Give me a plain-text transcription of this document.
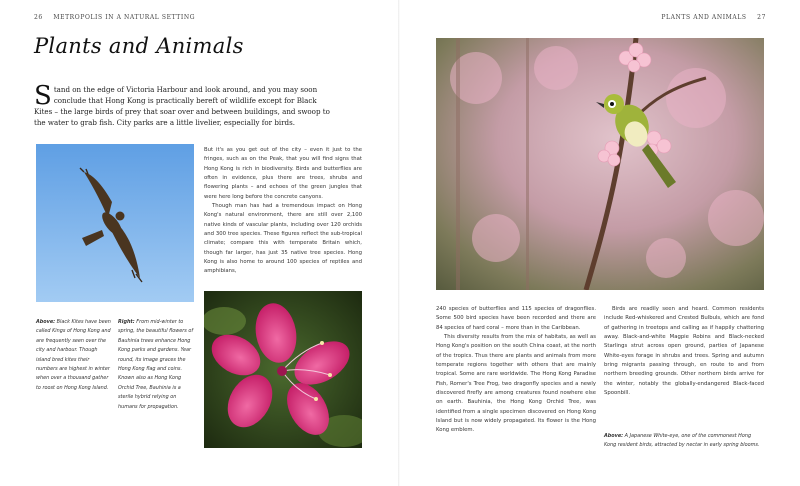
26 METROPOLIS IN A NATURAL SETTING
Plants and Animals
S tand on the edge of Victoria Harbour and look around, and you may soon conclude that Hong Kong is practically bereft of wildlife except for Black Kites – the large birds of prey that soar over and between buildings, and swoop to the water to grab fish. City parks are a little livelier, especially for birds.

But it's as you get out of the city – even it just to the fringes, such as on the Peak, that you will find signs that Hong Kong is rich in biodiversity. Birds and butterflies are often in evidence, plus there are trees, shrubs and flowering plants – and echoes of the green jungles that were here long before the concrete canyons.

Though man has had a tremendous impact on Hong Kong's natural environment, there are still over 2,100 native kinds of vascular plants, including over 120 orchids and 300 tree species. These figures reflect the sub-tropical climate; compare this with temperate Britain which, though far larger, has just 35 native tree species. Hong Kong is also home to around 100 species of reptiles and amphibians,

Above: Black Kites have been called Kings of Hong Kong and are frequently seen over the city and harbour. Though island bred kites their numbers are highest in winter when over a thousand gather to roost on Hong Kong Island.
Right: From mid-winter to spring, the beautiful flowers of Bauhinia trees enhance Hong Kong parks and gardens. Year round, its image graces the Hong Kong flag and coins. Known also as Hong Kong Orchid Tree, Bauhinia is a sterile hybrid relying on humans for propagation.
PLANTS AND ANIMALS 27

240 species of butterflies and 115 species of dragonflies. Some 500 bird species have been recorded and there are 84 species of hard coral – more than in the Caribbean.

This diversity results from the mix of habitats, as well as Hong Kong's position on the south China coast, at the north of the tropics. Thus there are plants and animals from more temperate regions together with others that are mainly tropical. Some are rare worldwide. The Hong Kong Paradise Fish, Romer's Tree Frog, two dragonfly species and a newly discovered firefly are among creatures found nowhere else on earth. Bauhinia, the Hong Kong Orchid Tree, was identified from a single specimen discovered on Hong Kong Island but is now widely propagated. Its flower is the Hong Kong emblem.

Birds are readily seen and heard. Common residents include Red-whiskered and Crested Bulbuls, which are fond of gathering in treetops and calling as if happily chattering away. Black-and-white Magpie Robins and Black-necked Starlings strut across open ground, parties of Japanese White-eyes forage in shrubs and trees. Spring and autumn bring migrants passing through, en route to and from northern breeding grounds. Other northern birds arrive for the winter, notably the globally-endangered Black-faced Spoonbill.

Above: A Japanese White-eye, one of the commonest Hong Kong resident birds, attracted by nectar in early spring blooms.
